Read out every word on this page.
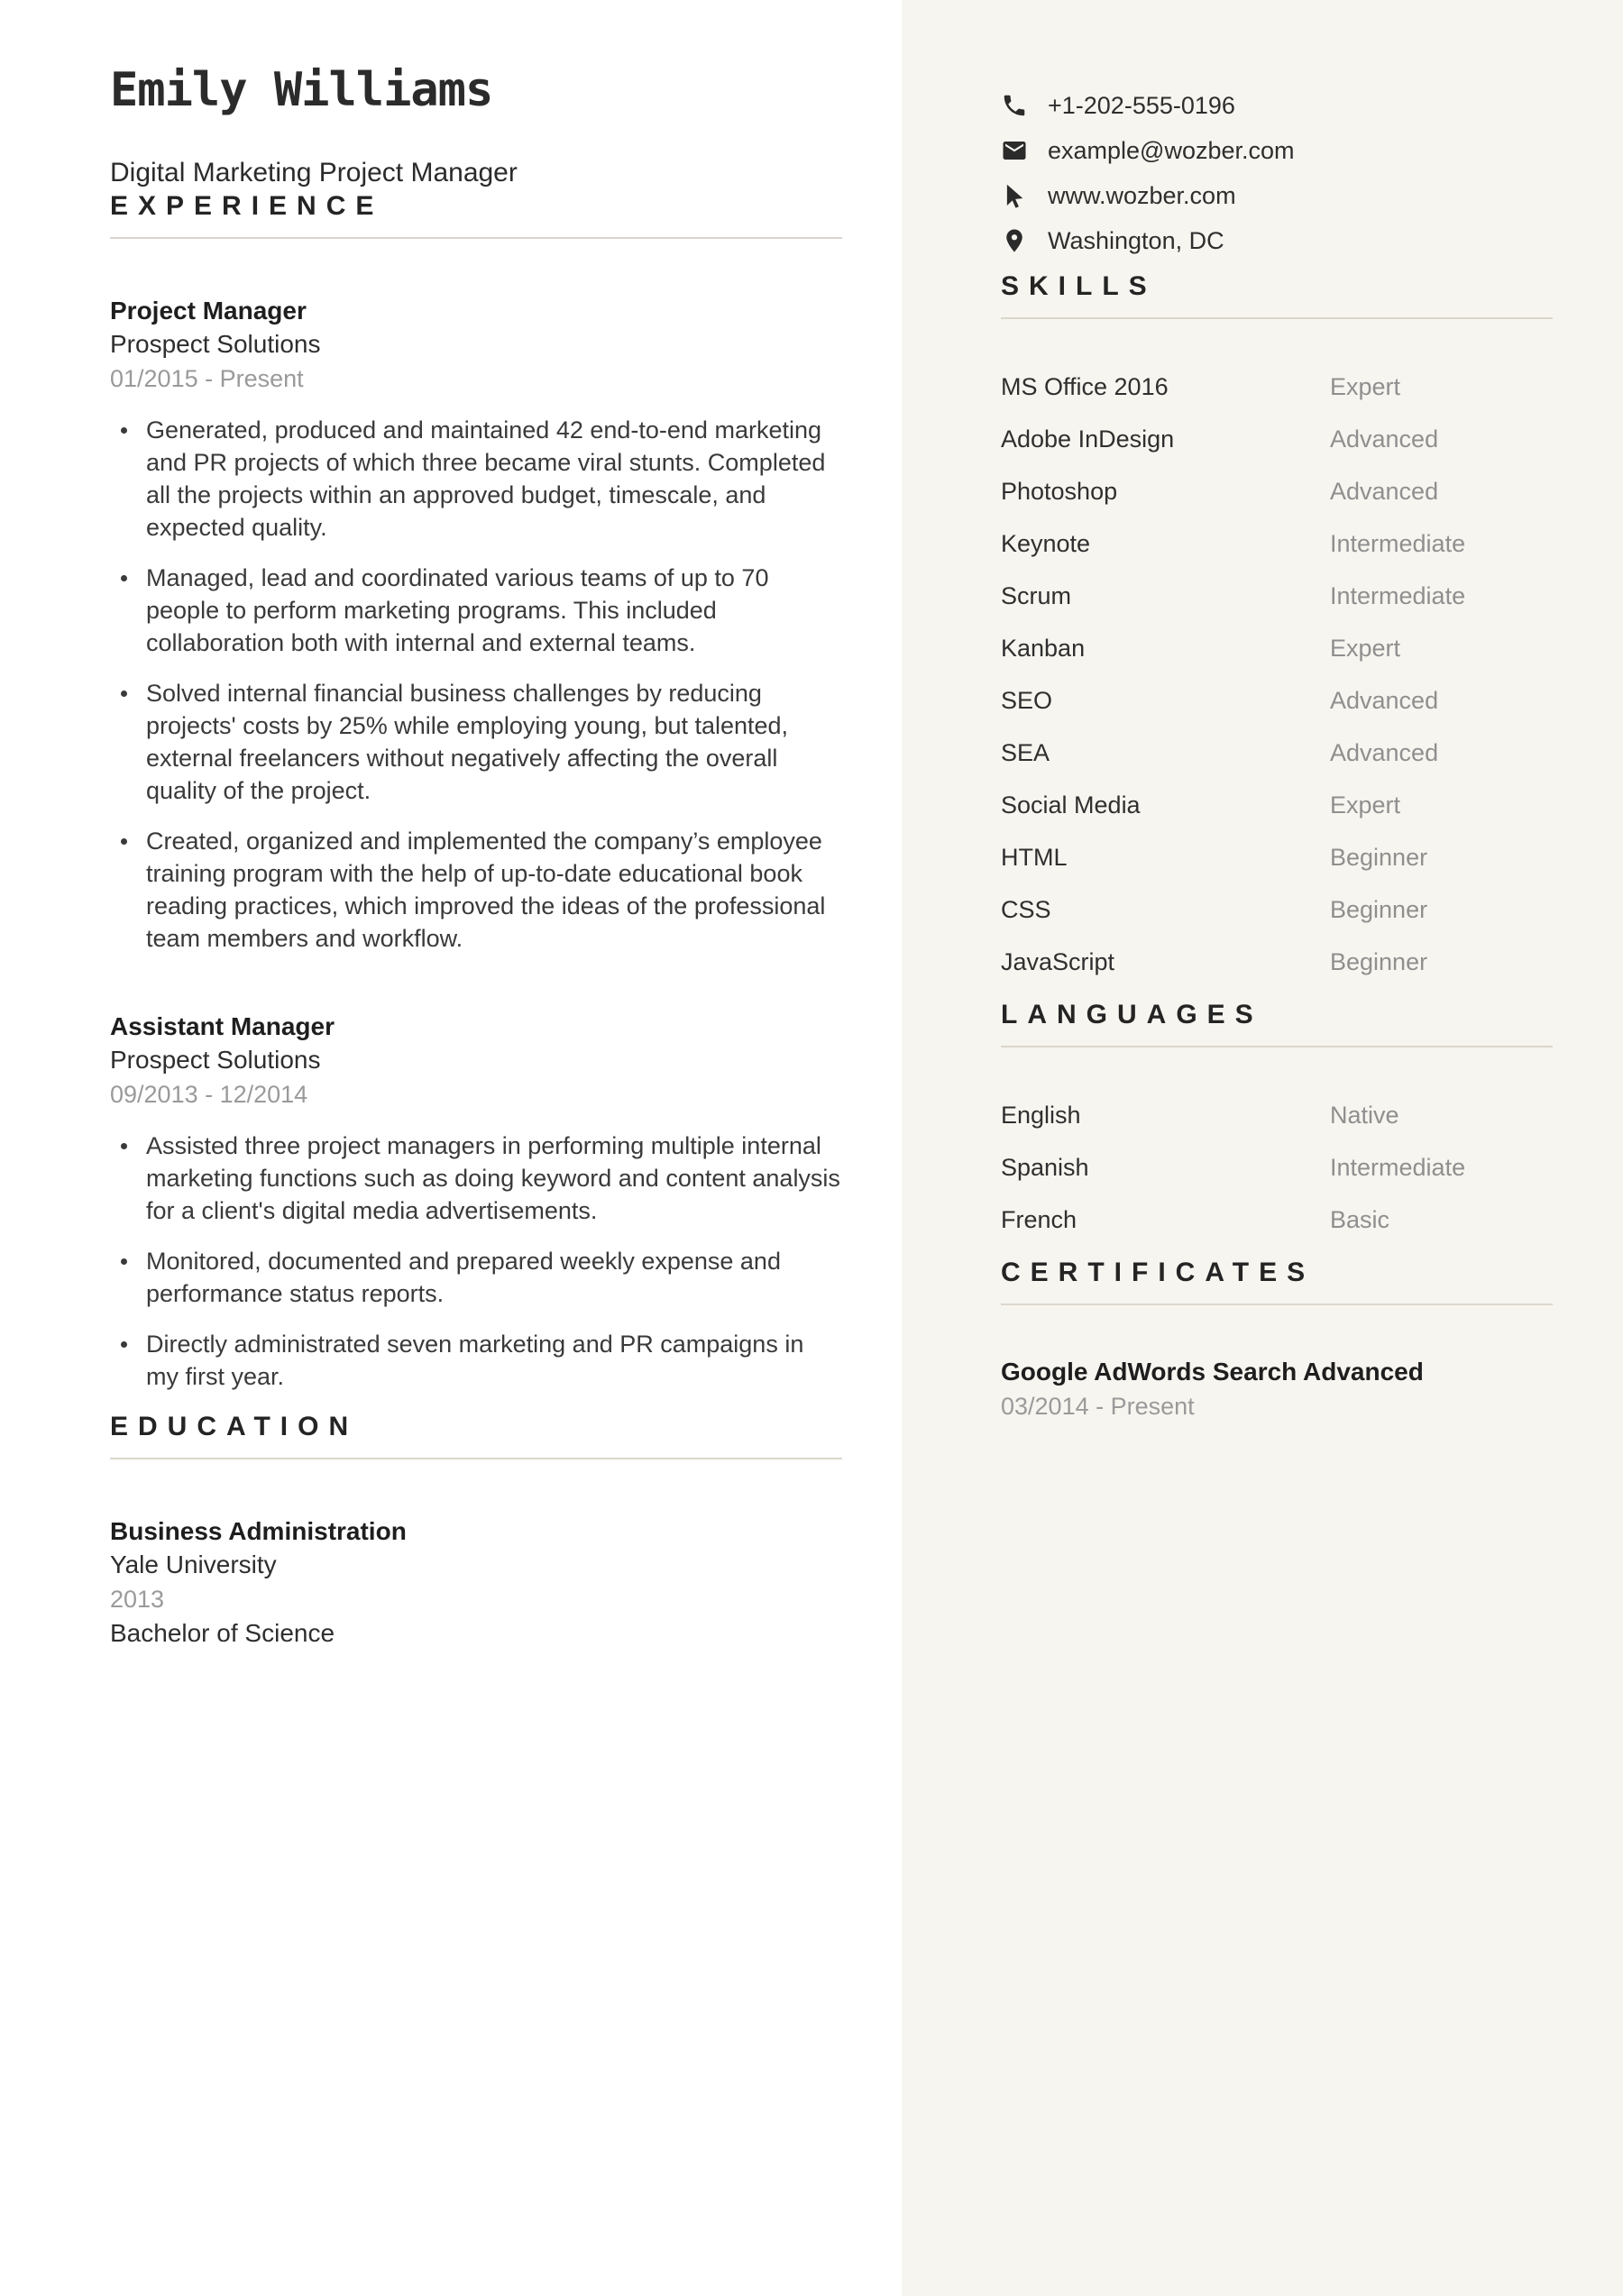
Emily Williams
Digital Marketing Project Manager
EXPERIENCE
Project Manager
Prospect Solutions
01/2015 - Present
Generated, produced and maintained 42 end-to-end marketing and PR projects of which three became viral stunts. Completed all the projects within an approved budget, timescale, and expected quality.
Managed, lead and coordinated various teams of up to 70 people to perform marketing programs. This included collaboration both with internal and external teams.
Solved internal financial business challenges by reducing projects' costs by 25% while employing young, but talented, external freelancers without negatively affecting the overall quality of the project.
Created, organized and implemented the company’s employee training program with the help of up-to-date educational book reading practices, which improved the ideas of the professional team members and workflow.
Assistant Manager
Prospect Solutions
09/2013 - 12/2014
Assisted three project managers in performing multiple internal marketing functions such as doing keyword and content analysis for a client's digital media advertisements.
Monitored, documented and prepared weekly expense and performance status reports.
Directly administrated seven marketing and PR campaigns in my first year.
EDUCATION
Business Administration
Yale University
2013
Bachelor of Science
+1-202-555-0196
example@wozber.com
www.wozber.com
Washington, DC
SKILLS
MS Office 2016	Expert
Adobe InDesign	Advanced
Photoshop	Advanced
Keynote	Intermediate
Scrum	Intermediate
Kanban	Expert
SEO	Advanced
SEA	Advanced
Social Media	Expert
HTML	Beginner
CSS	Beginner
JavaScript	Beginner
LANGUAGES
English	Native
Spanish	Intermediate
French	Basic
CERTIFICATES
Google AdWords Search Advanced
03/2014 - Present
